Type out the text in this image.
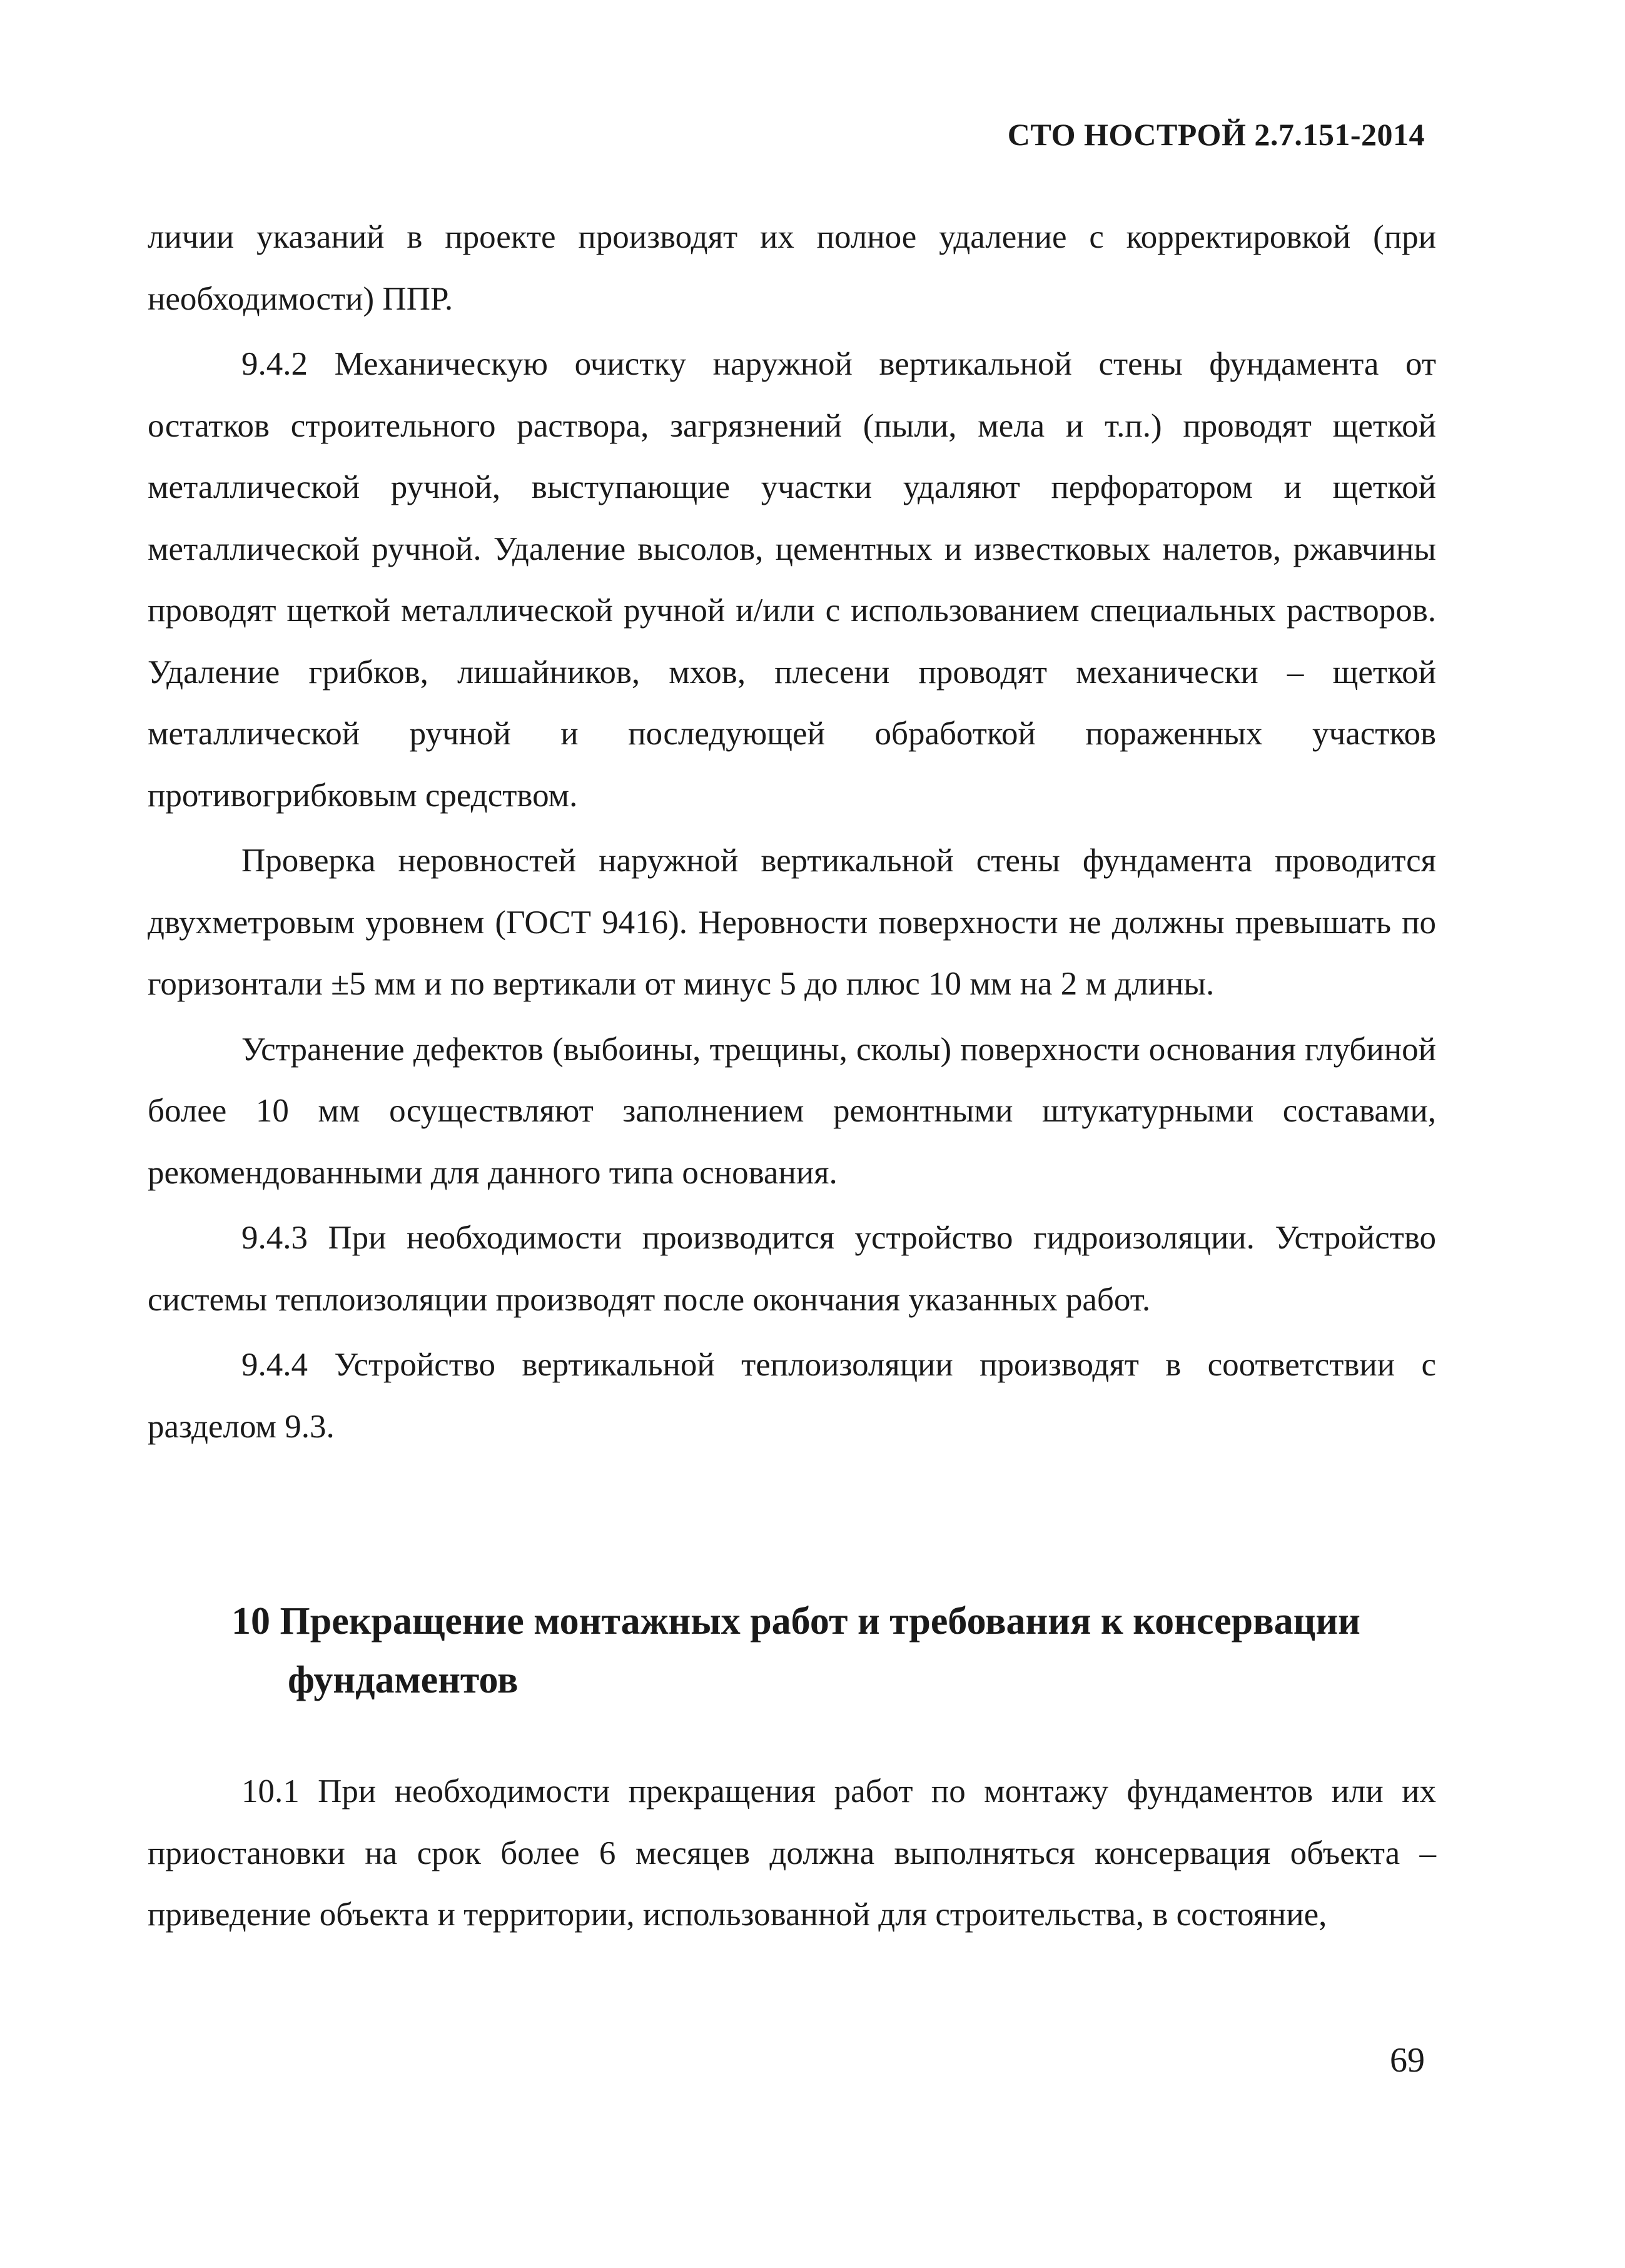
СТО НОСТРОЙ 2.7.151-2014

личии указаний в проекте производят их полное удаление с корректировкой (при необходимости) ППР.

9.4.2 Механическую очистку наружной вертикальной стены фундамента от остатков строительного раствора, загрязнений (пыли, мела и т.п.) проводят щеткой металлической ручной, выступающие участки удаляют перфоратором и щеткой металлической ручной. Удаление высолов, цементных и известковых налетов, ржавчины проводят щеткой металлической ручной и/или с использованием специальных растворов. Удаление грибков, лишайников, мхов, плесени проводят механически – щеткой металлической ручной и последующей обработкой пораженных участков противогрибковым средством.

Проверка неровностей наружной вертикальной стены фундамента проводится двухметровым уровнем (ГОСТ 9416). Неровности поверхности не должны превышать по горизонтали ±5 мм и по вертикали от минус 5 до плюс 10 мм на 2 м длины.

Устранение дефектов (выбоины, трещины, сколы) поверхности основания глубиной более 10 мм осуществляют заполнением ремонтными штукатурными составами, рекомендованными для данного типа основания.

9.4.3 При необходимости производится устройство гидроизоляции. Устройство системы теплоизоляции производят после окончания указанных работ.

9.4.4 Устройство вертикальной теплоизоляции производят в соответствии с разделом 9.3.

10 Прекращение монтажных работ и требования к консервации фундаментов

10.1 При необходимости прекращения работ по монтажу фундаментов или их приостановки на срок более 6 месяцев должна выполняться консервация объекта – приведение объекта и территории, использованной для строительства, в состояние,

69
